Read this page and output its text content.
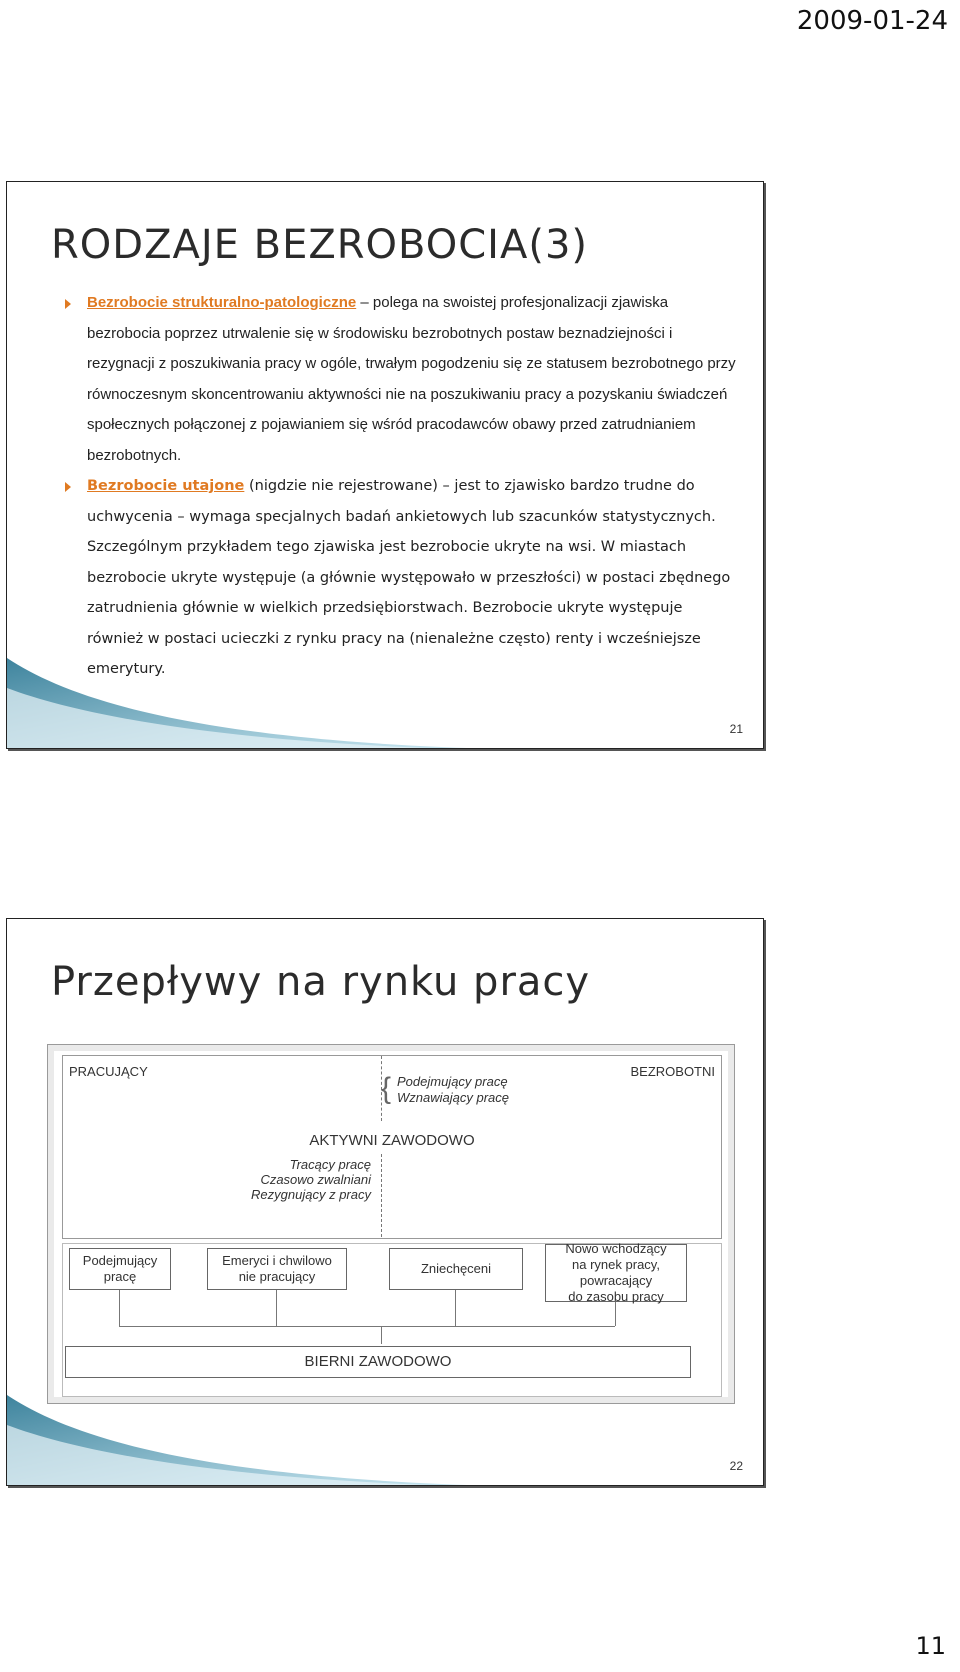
2009-01-24
RODZAJE BEZROBOCIA(3)
Bezrobocie strukturalno-patologiczne – polega na swoistej profesjonalizacji zjawiska bezrobocia poprzez utrwalenie się w środowisku bezrobotnych postaw beznadziejności i rezygnacji z poszukiwania pracy w ogóle, trwałym pogodzeniu się ze statusem bezrobotnego przy równoczesnym skoncentrowaniu aktywności nie na poszukiwaniu pracy a pozyskaniu świadczeń społecznych połączonej z pojawianiem się wśród pracodawców obawy przed zatrudnianiem bezrobotnych.
Bezrobocie utajone (nigdzie nie rejestrowane) – jest to zjawisko bardzo trudne do uchwycenia – wymaga specjalnych badań ankietowych lub szacunków statystycznych. Szczególnym przykładem tego zjawiska jest bezrobocie ukryte na wsi. W miastach bezrobocie ukryte występuje (a głównie występowało w przeszłości) w postaci zbędnego zatrudnienia głównie w wielkich przedsiębiorstwach. Bezrobocie ukryte występuje również w postaci ucieczki z rynku pracy na (nienależne często) renty i wcześniejsze emerytury.
21
Przepływy na rynku pracy
PRACUJĄCY	BEZROBOTNI
{ Podejmujący pracę
Wznawiający pracę
AKTYWNI ZAWODOWO
Tracący pracę
Czasowo zwalniani
Rezygnujący z pracy
Podejmujący
pracę
Emeryci i chwilowo
nie pracujący
Zniechęceni
Nowo wchodzący
na rynek pracy,
powracający
do zasobu pracy
BIERNI ZAWODOWO
22
11
